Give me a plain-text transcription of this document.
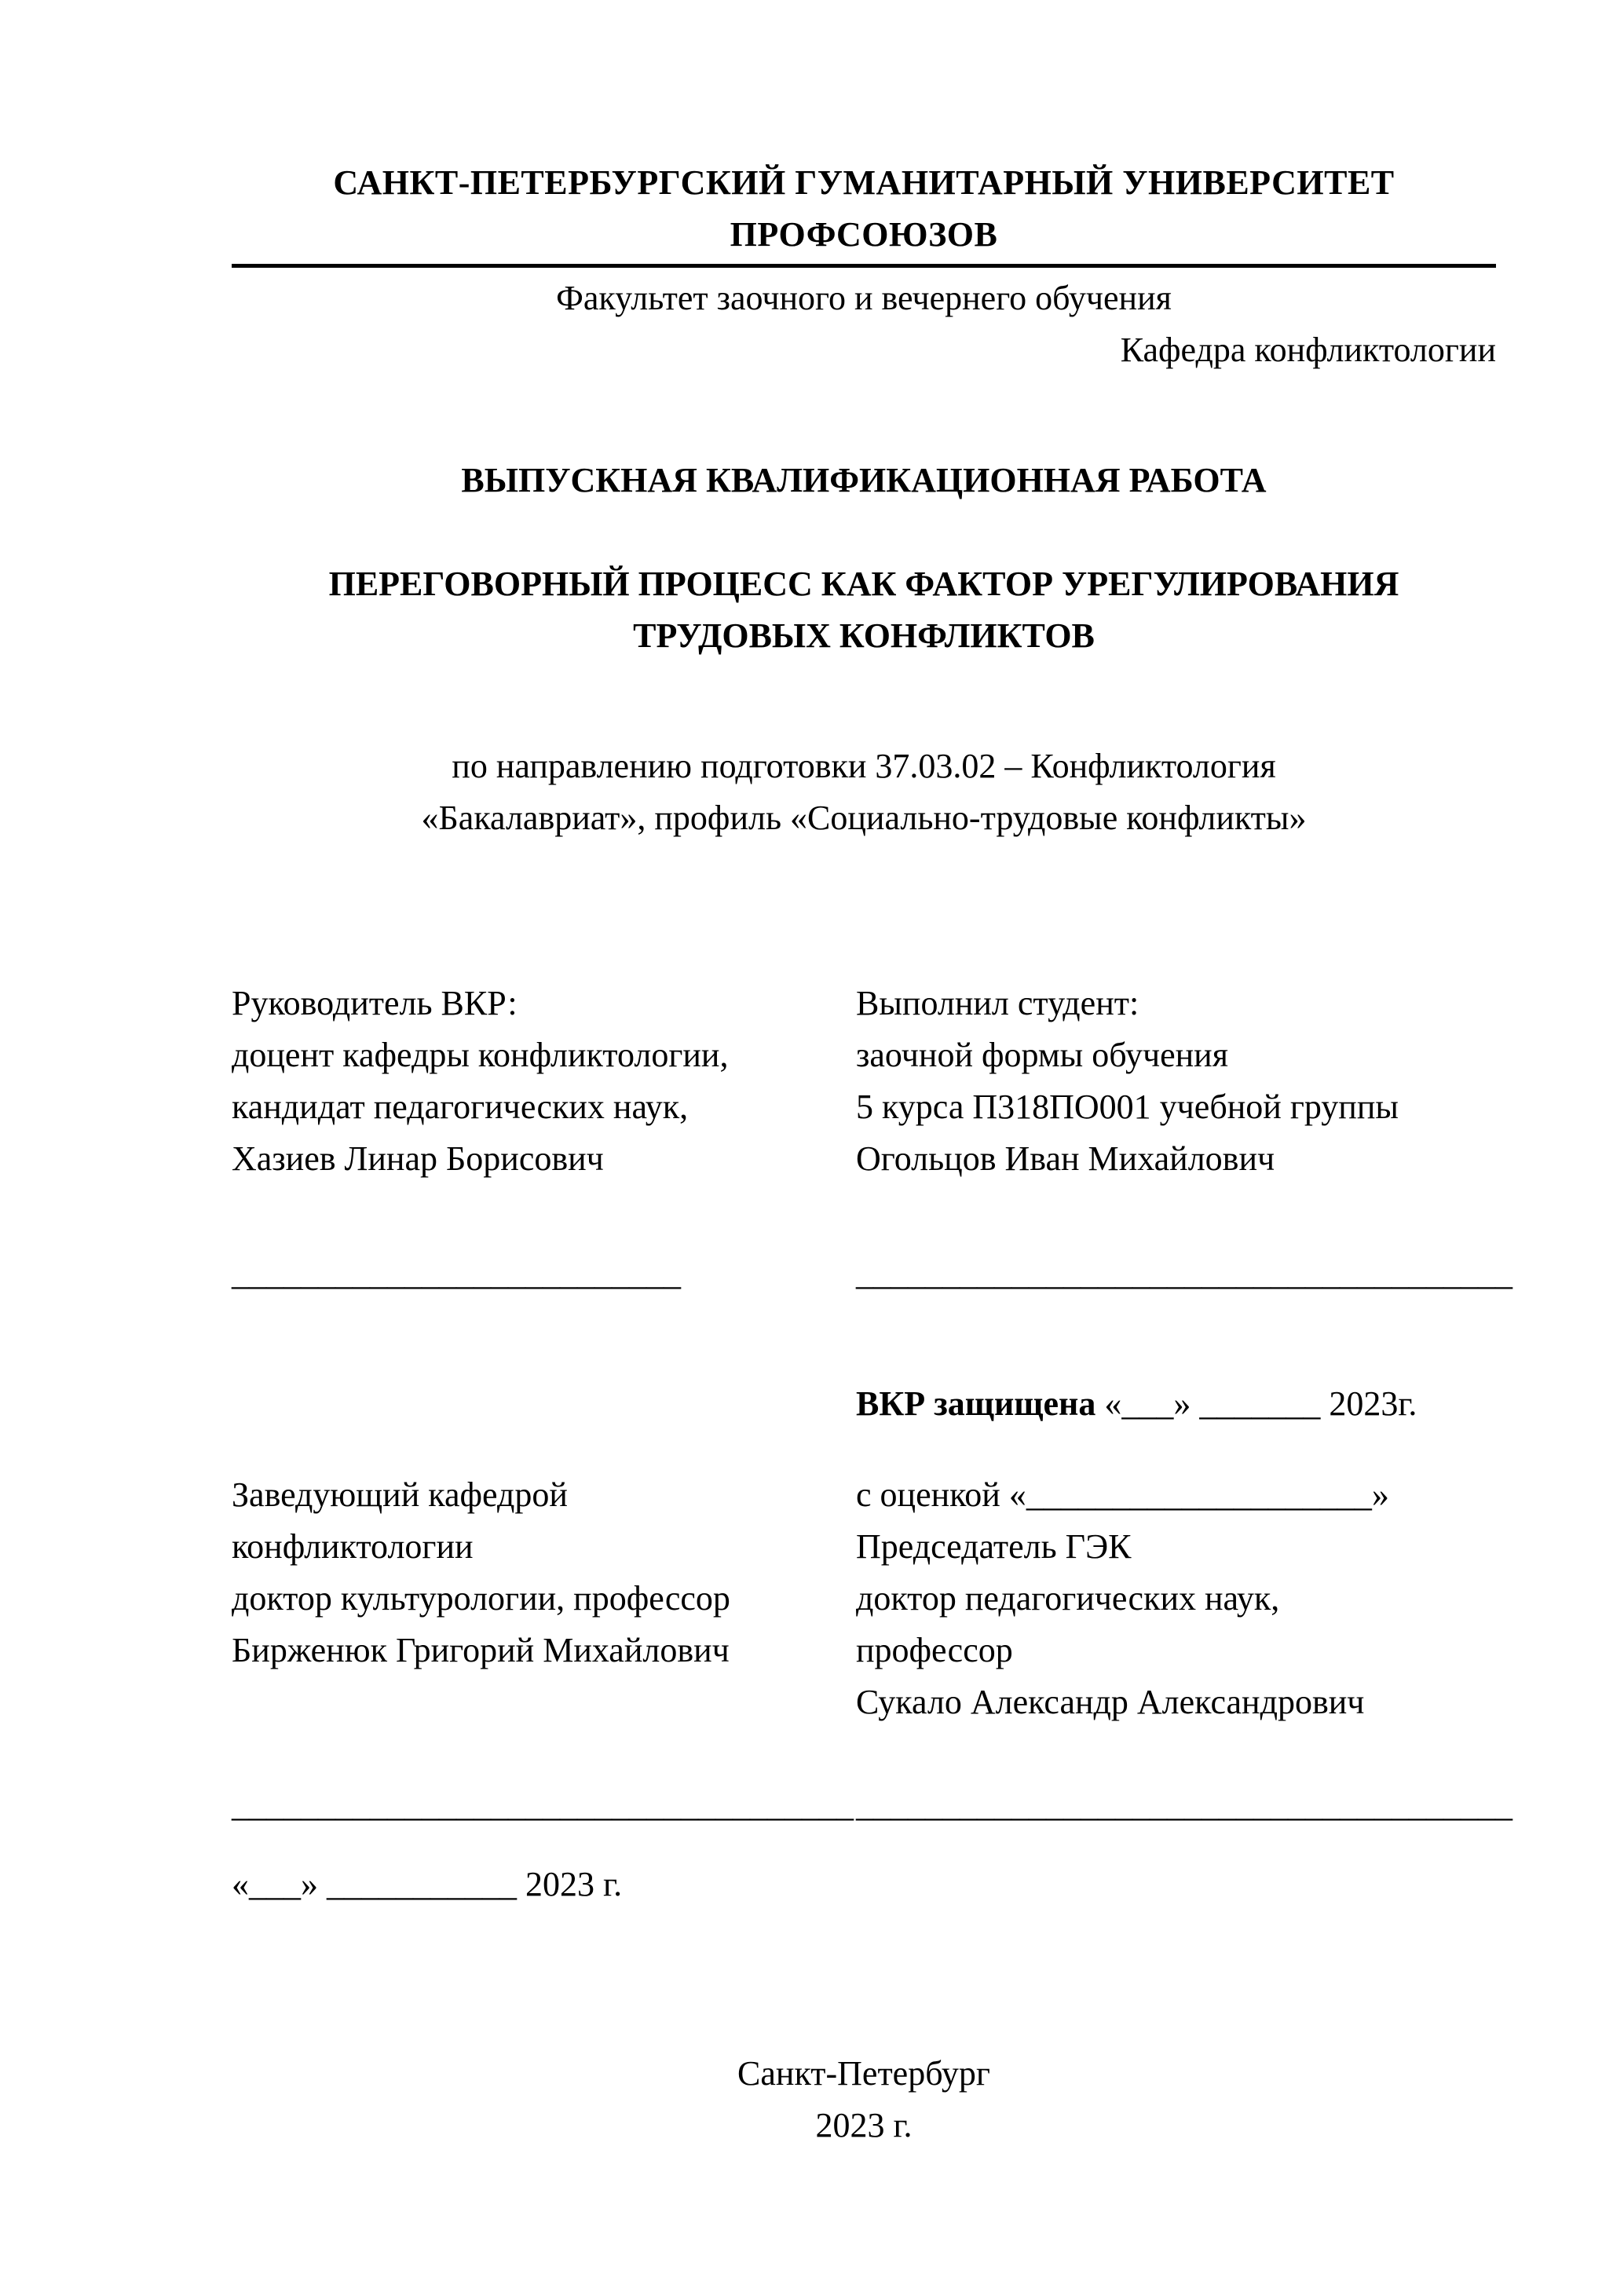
САНКТ-ПЕТЕРБУРГСКИЙ ГУМАНИТАРНЫЙ УНИВЕРСИТЕТ ПРОФСОЮЗОВ
Факультет заочного и вечернего обучения
Кафедра конфликтологии
ВЫПУСКНАЯ КВАЛИФИКАЦИОННАЯ РАБОТА
ПЕРЕГОВОРНЫЙ ПРОЦЕСС КАК ФАКТОР УРЕГУЛИРОВАНИЯ
ТРУДОВЫХ КОНФЛИКТОВ
по направлению подготовки 37.03.02 – Конфликтология
«Бакалавриат», профиль «Социально-трудовые конфликты»
Руководитель ВКР:
доцент кафедры конфликтологии,
кандидат педагогических наук,
Хазиев Линар Борисович
Выполнил студент:
заочной формы обучения
5 курса П318ПО001 учебной группы
Огольцов Иван Михайлович
__________________________	______________________________________
ВКР защищена «___» _______ 2023г.
Заведующий кафедрой
конфликтологии
доктор культурологии, профессор
Бирженюк Григорий Михайлович
с оценкой «____________________»
Председатель ГЭК
доктор педагогических наук,
профессор
Сукало Александр Александрович
____________________________________ ______________________________________
«___» ___________ 2023 г.
Санкт-Петербург
2023 г.
